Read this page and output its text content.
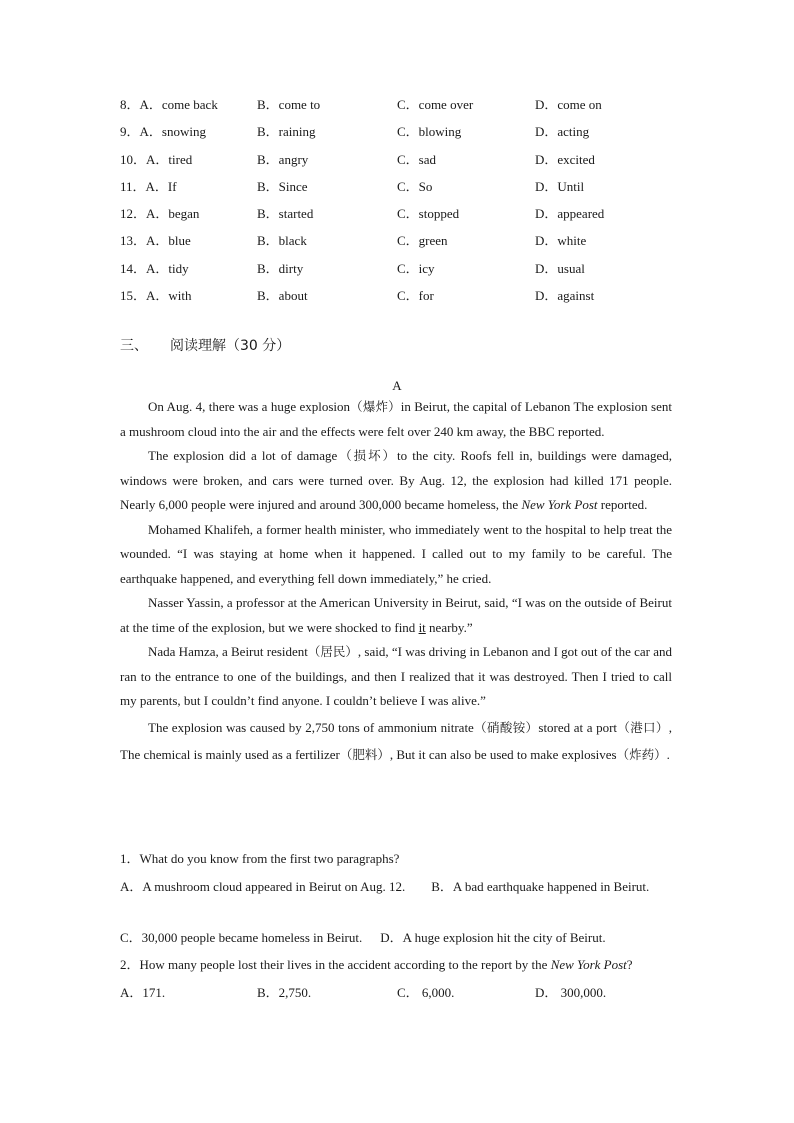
8．A．come back	B．come to	C．come over	D．come on
9．A．snowing	B．raining	C．blowing	D．acting
10．A．tired	B．angry	C．sad	D．excited
11．A．If	B．Since	C．So	D．Until
12．A．began	B．started	C．stopped	D．appeared
13．A．blue	B．black	C．green	D．white
14．A．tidy	B．dirty	C．icy	D．usual
15．A．with	B．about	C．for	D．against
三、 阅读理解（30 分）
A

On Aug. 4, there was a huge explosion（爆炸）in Beirut, the capital of Lebanon The explosion sent a mushroom cloud into the air and the effects were felt over 240 km away, the BBC reported.

The explosion did a lot of damage（损坏）to the city. Roofs fell in, buildings were damaged, windows were broken, and cars were turned over. By Aug. 12, the explosion had killed 171 people. Nearly 6,000 people were injured and around 300,000 became homeless, the New York Post reported.

Mohamed Khalifeh, a former health minister, who immediately went to the hospital to help treat the wounded. “I was staying at home when it happened. I called out to my family to be careful. The earthquake happened, and everything fell down immediately,” he cried.

Nasser Yassin, a professor at the American University in Beirut, said, “I was on the outside of Beirut at the time of the explosion, but we were shocked to find it nearby.”

Nada Hamza, a Beirut resident（居民）, said, “I was driving in Lebanon and I got out of the car and ran to the entrance to one of the buildings, and then I realized that it was destroyed. Then I tried to call my parents, but I couldn’t find anyone. I couldn’t believe I was alive.”

The explosion was caused by 2,750 tons of ammonium nitrate（硝酸铵）stored at a port（港口）, The chemical is mainly used as a fertilizer（肥料）, But it can also be used to make explosives（炸药）.

1．What do you know from the first two paragraphs?
A．A mushroom cloud appeared in Beirut on Aug. 12. B．A bad earthquake happened in Beirut.
C．30,000 people became homeless in Beirut. D．A huge explosion hit the city of Beirut.
2．How many people lost their lives in the accident according to the report by the New York Post?
A．171.	B．2,750.	C． 6,000.	D． 300,000.
